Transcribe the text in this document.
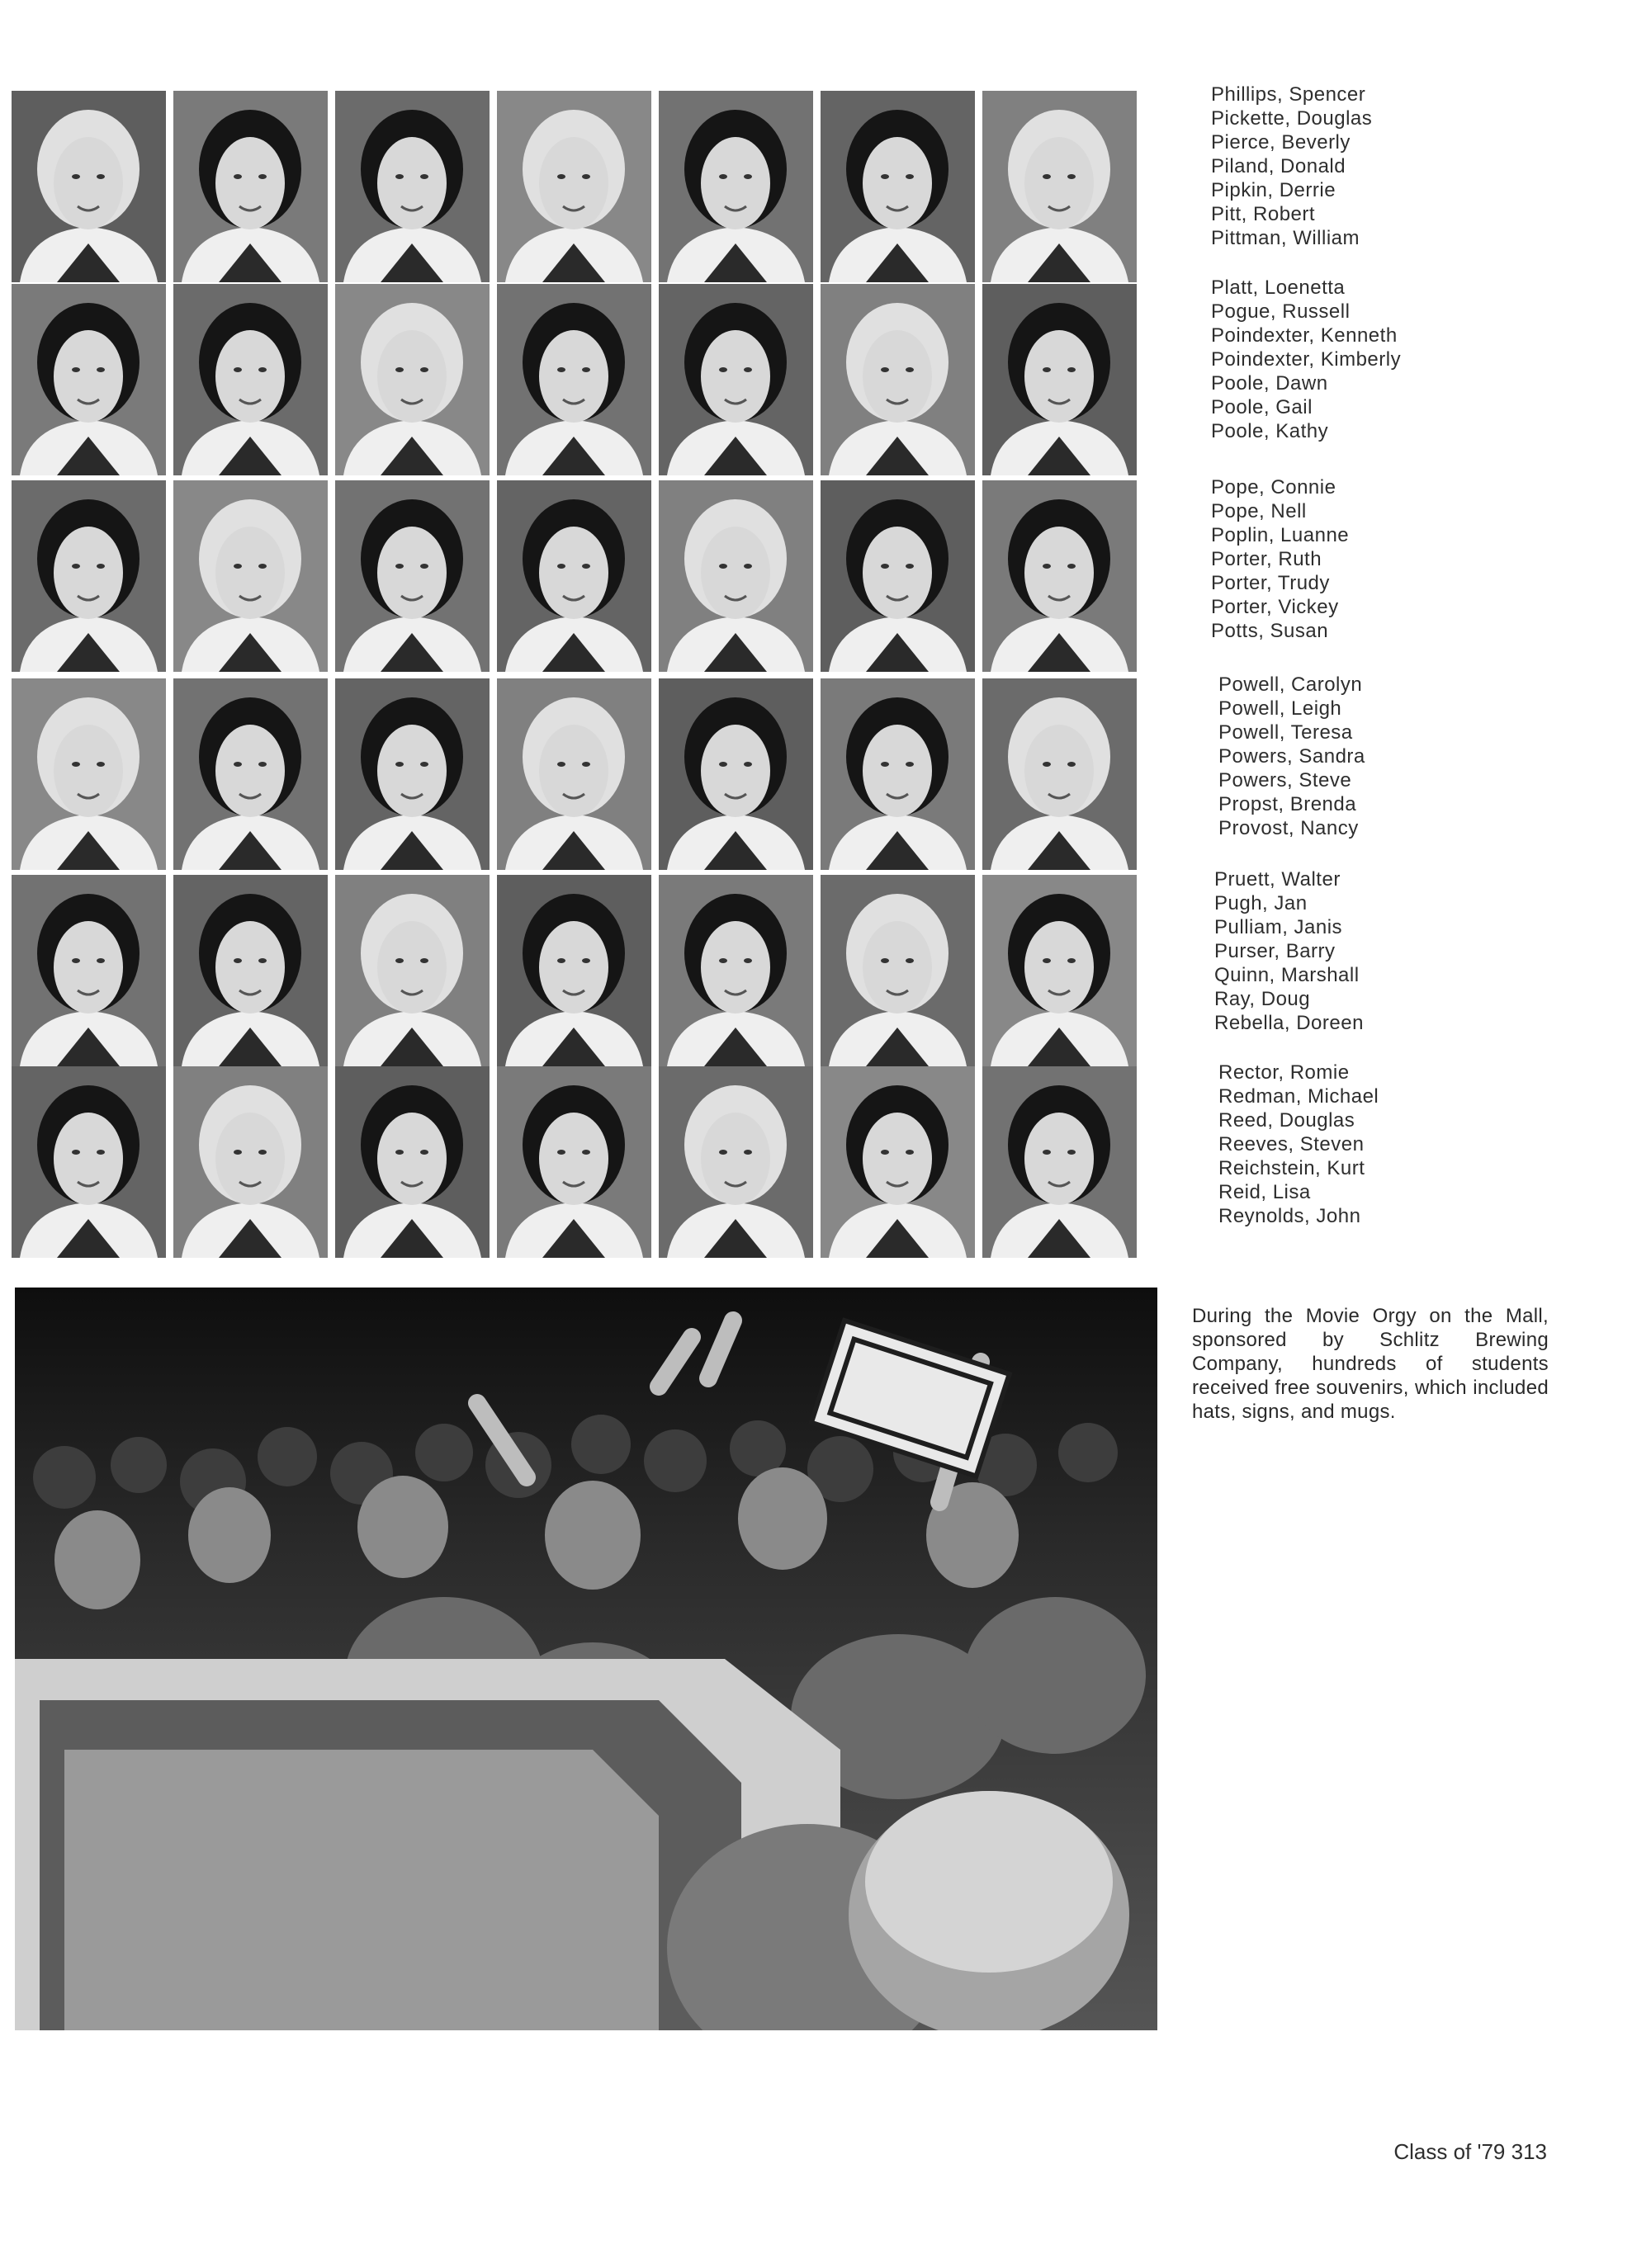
Phillips, Spencer
Pickette, Douglas
Pierce, Beverly
Piland, Donald
Pipkin, Derrie
Pitt, Robert
Pittman, William
Platt, Loenetta
Pogue, Russell
Poindexter, Kenneth
Poindexter, Kimberly
Poole, Dawn
Poole, Gail
Poole, Kathy
Pope, Connie
Pope, Nell
Poplin, Luanne
Porter, Ruth
Porter, Trudy
Porter, Vickey
Potts, Susan
Powell, Carolyn
Powell, Leigh
Powell, Teresa
Powers, Sandra
Powers, Steve
Propst, Brenda
Provost, Nancy
Pruett, Walter
Pugh, Jan
Pulliam, Janis
Purser, Barry
Quinn, Marshall
Ray, Doug
Rebella, Doreen
Rector, Romie
Redman, Michael
Reed, Douglas
Reeves, Steven
Reichstein, Kurt
Reid, Lisa
Reynolds, John

During the Movie Orgy on the Mall, sponsored by Schlitz Brewing Company, hundreds of students received free souvenirs, which included hats, signs, and mugs.

Class of '79 313
